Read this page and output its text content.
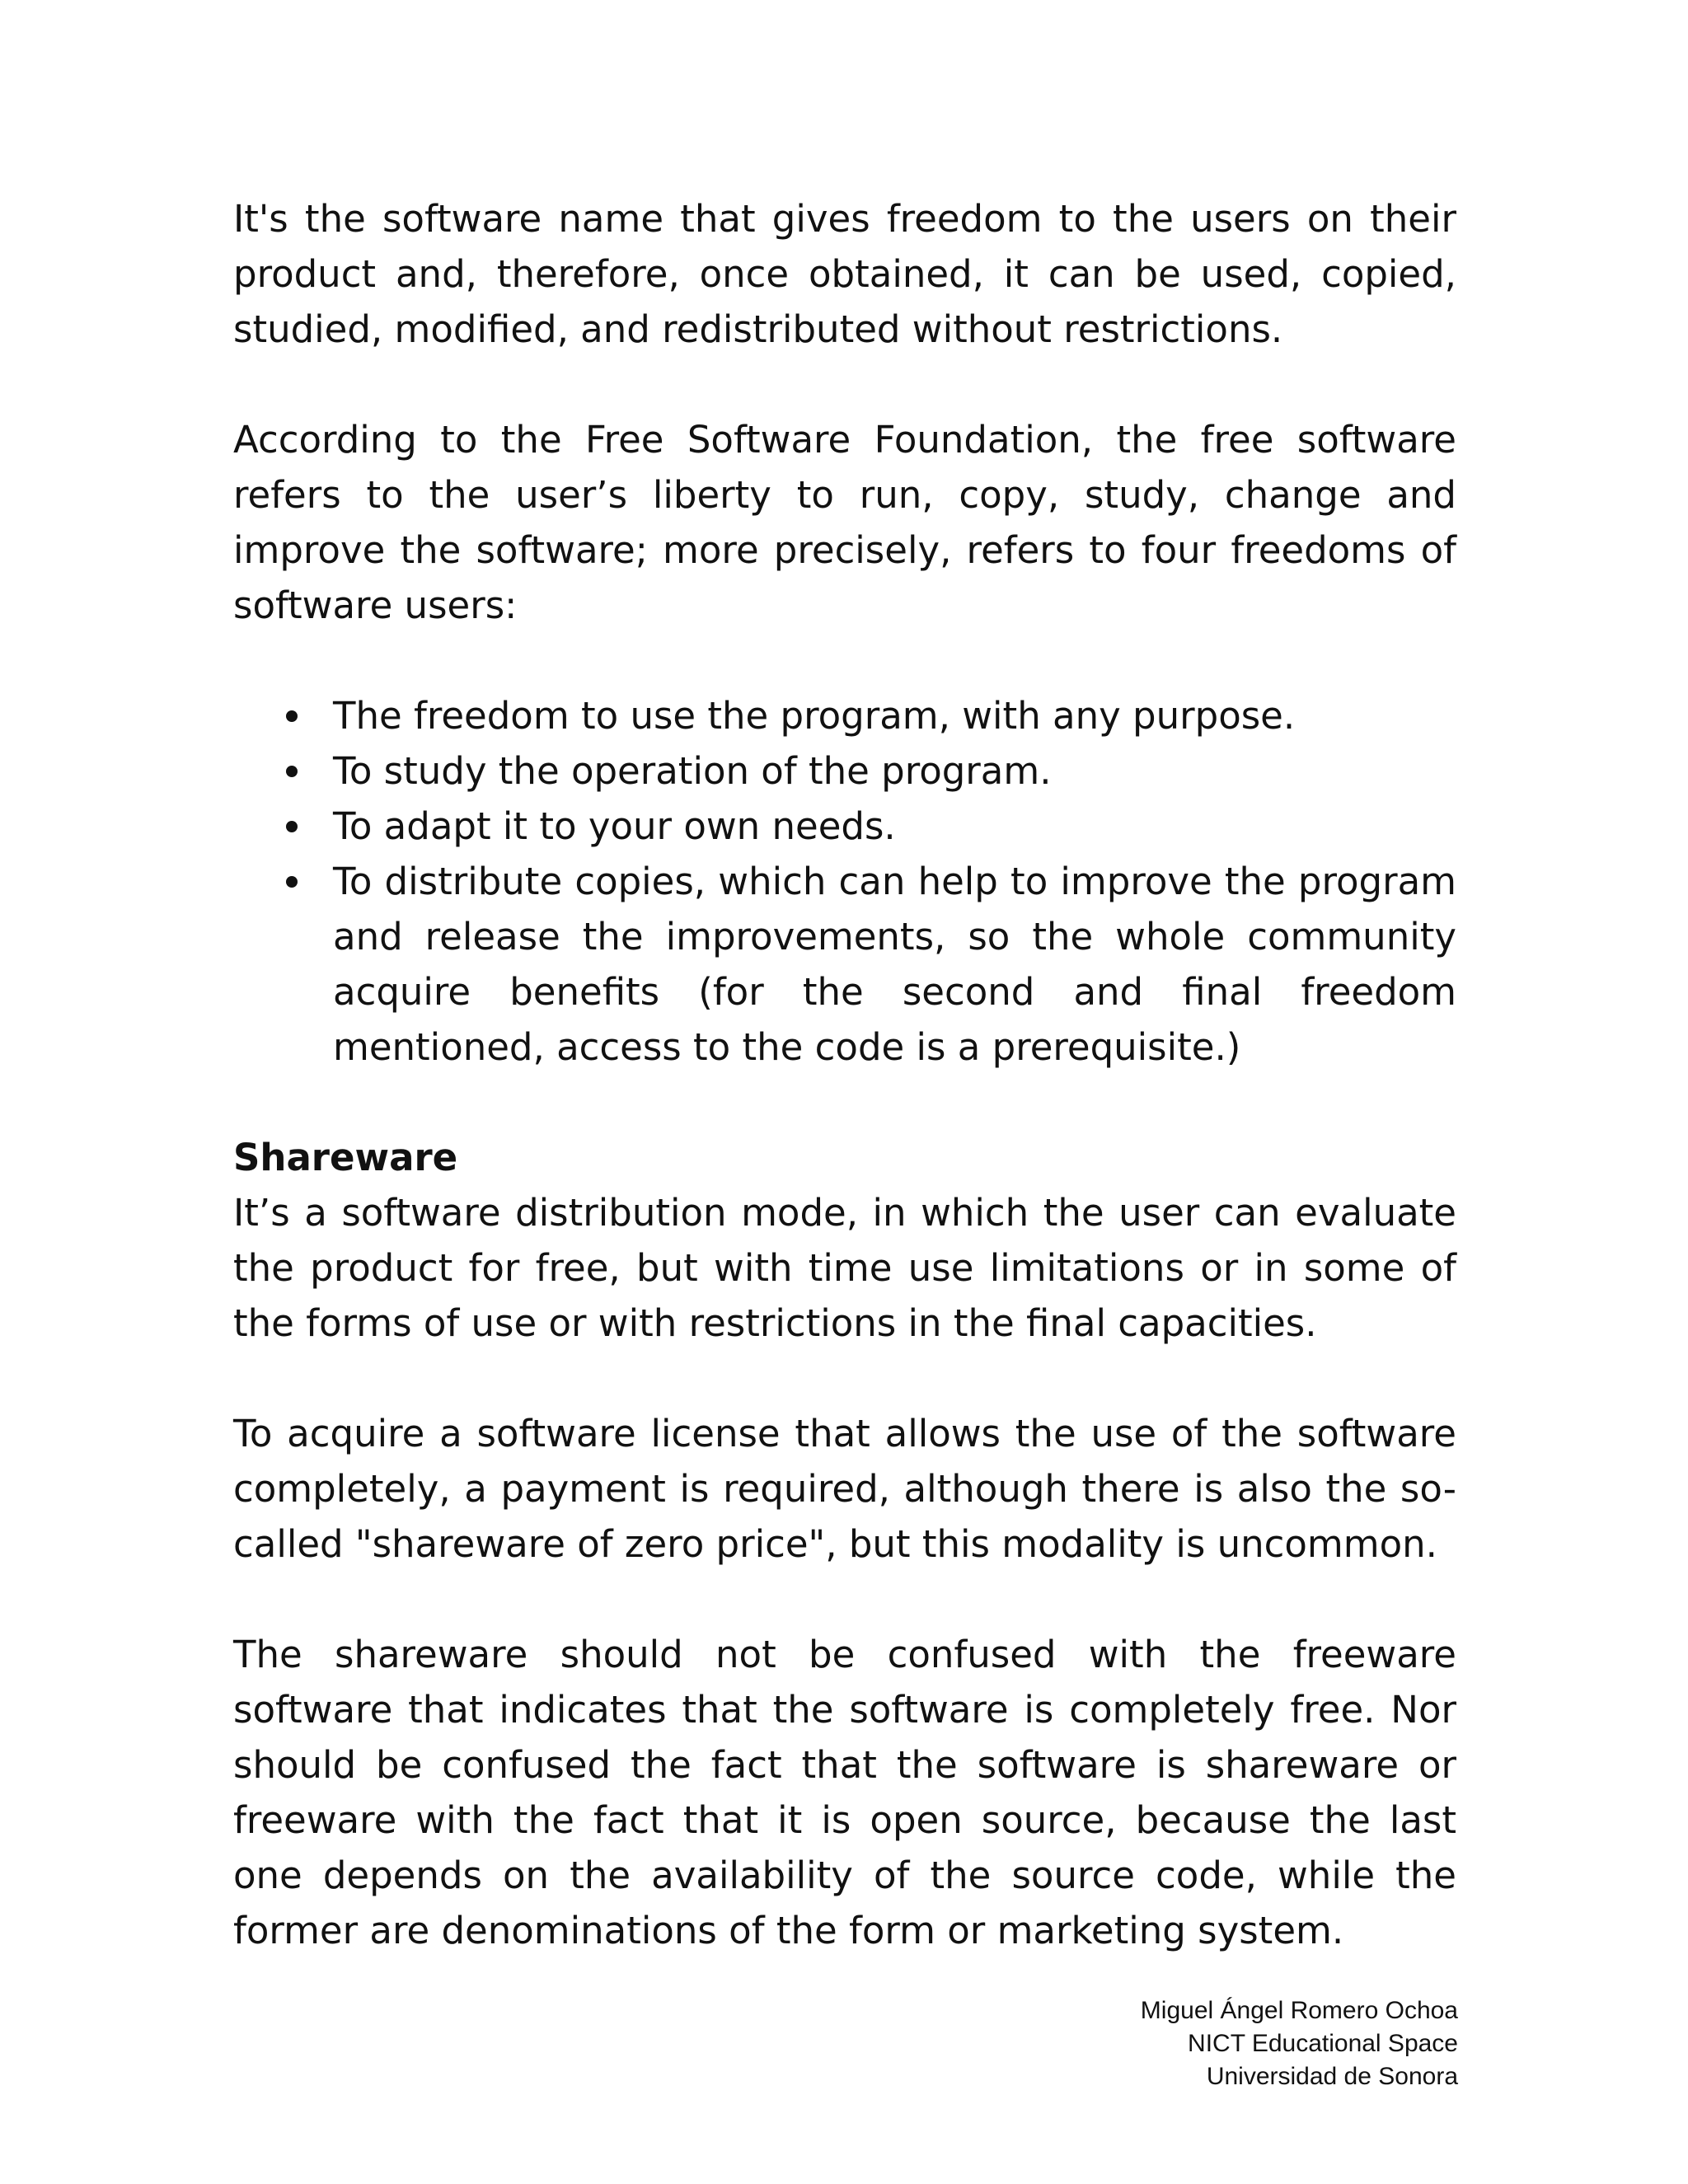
It's the software name that gives freedom to the users on their product and, therefore, once obtained, it can be used, copied, studied, modified, and redistributed without restrictions.

According to the Free Software Foundation, the free software refers to the user’s liberty to run, copy, study, change and improve the software; more precisely, refers to four freedoms of software users:

The freedom to use the program, with any purpose.
To study the operation of the program.
To adapt it to your own needs.
To distribute copies, which can help to improve the program and release the improvements, so the whole community acquire benefits (for the second and final freedom mentioned, access to the code is a prerequisite.)
Shareware

It’s a software distribution mode, in which the user can evaluate the product for free, but with time use limitations or in some of the forms of use or with restrictions in the final capacities.

To acquire a software license that allows the use of the software completely, a payment is required, although there is also the so-called "shareware of zero price", but this modality is uncommon.

The shareware should not be confused with the freeware software that indicates that the software is completely free. Nor should be confused the fact that the software is shareware or freeware with the fact that it is open source, because the last one depends on the availability of the source code, while the former are denominations of the form or marketing system.

Miguel Ángel Romero Ochoa
NICT Educational Space
Universidad de Sonora
